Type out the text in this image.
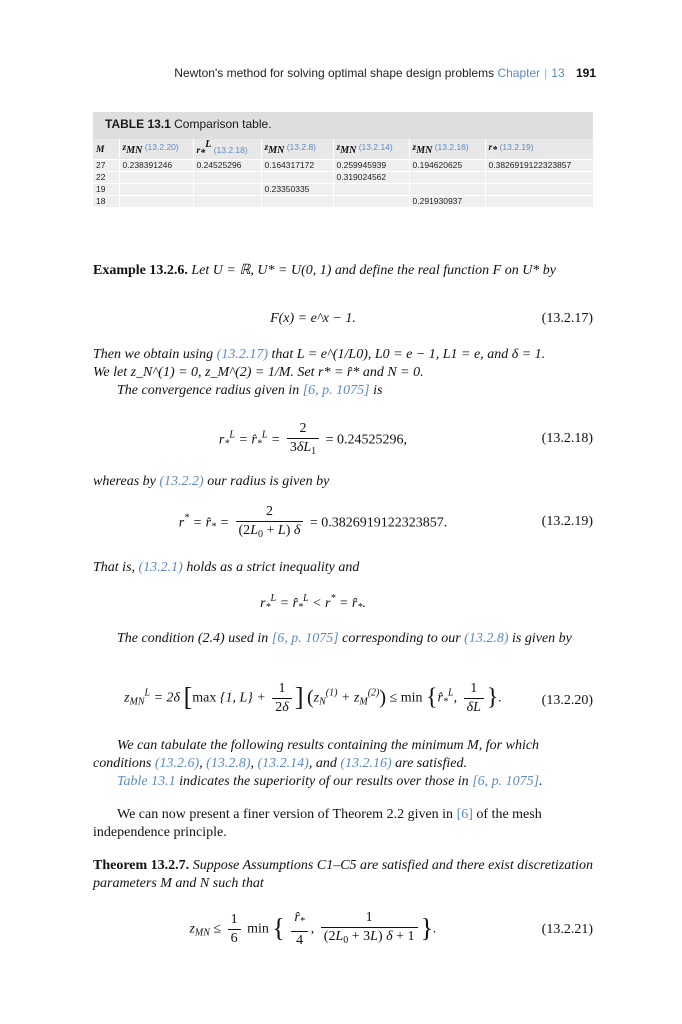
Newton's method for solving optimal shape design problems Chapter | 13 191
TABLE 13.1 Comparison table.
M	zMN (13.2.20)	r*L (13.2.18)	zMN (13.2.8)	zMN (13.2.14)	zMN (13.2.16)	r* (13.2.19)
27	0.238391246	0.24525296	0.164317172	0.259945939	0.194620625	0.3826919122323857
22				0.319024562		
19			0.23350335			
18					0.291930937	
Example 13.2.6. Let U = ℝ, U* = U(0, 1) and define the real function F on U* by
F(x) = e^x − 1.	(13.2.17)
Then we obtain using (13.2.17) that L = e^(1/L0), L0 = e − 1, L1 = e, and δ = 1.
We let z_N^(1) = 0, z_M^(2) = 1/M. Set r* = r̂* and N = 0.
The convergence radius given in [6, p. 1075] is
$r_*^L$ = $r̂_*^L = \frac{2}{3\delta L_1} = 0.24525296$,	(13.2.18)
whereas by (13.2.2) our radius is given by
$r^* = r̂_* = \frac{2}{(2L_0 + L) \delta} = 0.3826919122323857$.	(13.2.19)
That is, (13.2.1) holds as a strict inequality and
$r_*^L$ = $r̂_*^L < r^*$ = $r̂_*$.
The condition (2.4) used in [6, p. 1075] corresponding to our (13.2.8) is given by
$z_{MN}^L = 2\delta$ [max {1, $L\} + \frac{1}{2\delta}$ ] $(z_N^{(1)} + z_M^{(2)}) \le \min$ {$r̂_*^L$, $\frac{1}{\delta L}$ }.	(13.2.20)
We can tabulate the following results containing the minimum M, for which conditions (13.2.6), (13.2.8), (13.2.14), and (13.2.16) are satisfied.
Table 13.1 indicates the superiority of our results over those in [6, p. 1075].
We can now present a finer version of Theorem 2.2 given in [6] of the mesh independence principle.
Theorem 13.2.7. Suppose Assumptions C1–C5 are satisfied and there exist discretization parameters M and N such that
$z_{MN} \le \frac{1}{6}$ min { $\frac{r̂_*}{4}$ , $\frac{1}{(2L_0 + 3L) \delta + 1}$ }.	(13.2.21)
